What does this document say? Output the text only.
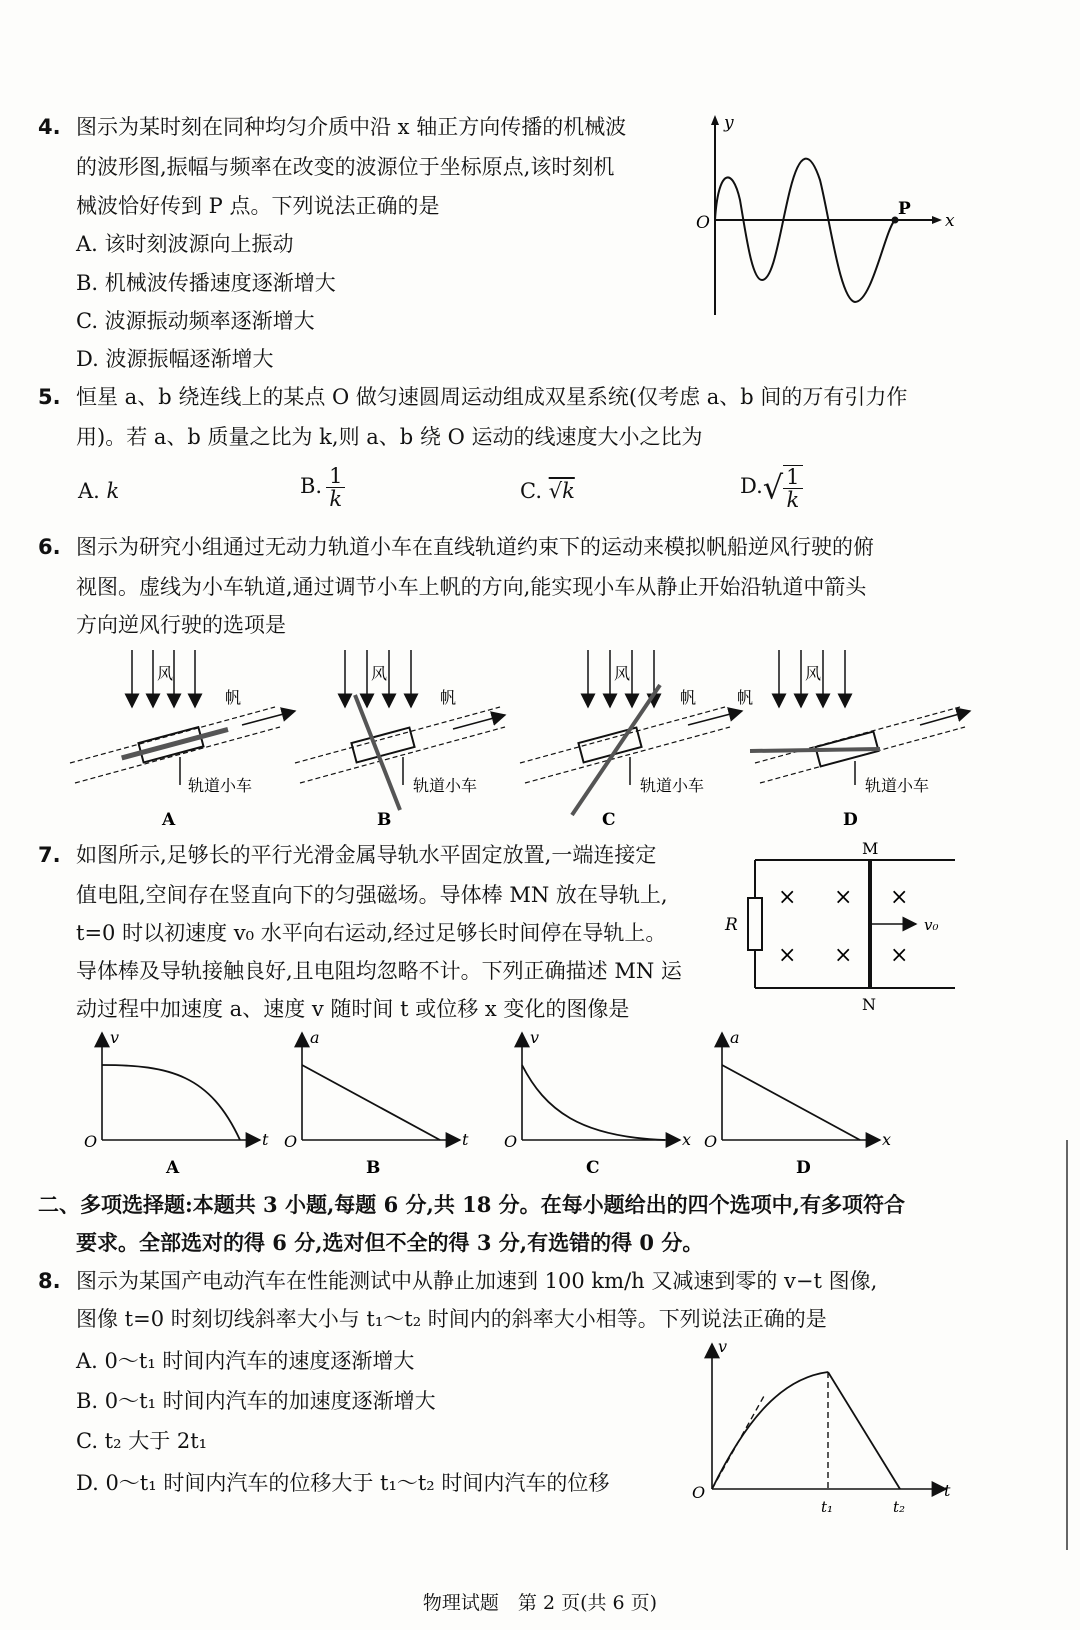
4. 图示为某时刻在同种均匀介质中沿 x 轴正方向传播的机械波
的波形图,振幅与频率在改变的波源位于坐标原点,该时刻机
械波恰好传到 P 点。下列说法正确的是
A. 该时刻波源向上振动
B. 机械波传播速度逐渐增大
C. 波源振动频率逐渐增大
D. 波源振幅逐渐增大
y
x
O
P
5. 恒星 a、b 绕连线上的某点 O 做匀速圆周运动组成双星系统(仅考虑 a、b 间的万有引力作
用)。若 a、b 质量之比为 k,则 a、b 绕 O 运动的线速度大小之比为
A. k	B. $\frac{1}{k}$	C. √k	$D.√ \frac{1}{k}$
6. 图示为研究小组通过无动力轨道小车在直线轨道约束下的运动来模拟帆船逆风行驶的俯
视图。虚线为小车轨道,通过调节小车上帆的方向,能实现小车从静止开始沿轨道中箭头
方向逆风行驶的选项是
风
帆
轨道小车
A
风
帆
轨道小车
B
风
帆
轨道小车
C
风
帆
轨道小车
D
7. 如图所示,足够长的平行光滑金属导轨水平固定放置,一端连接定
值电阻,空间存在竖直向下的匀强磁场。导体棒 MN 放在导轨上,
t=0 时以初速度 v₀ 水平向右运动,经过足够长时间停在导轨上。
导体棒及导轨接触良好,且电阻均忽略不计。下列正确描述 MN 运
动过程中加速度 a、速度 v 随时间 t 或位移 x 变化的图像是
R
M
N
v₀
× × ×
× × ×
v
t
O
A
a
t
O
B
v
x
O
C
a
x
O
D
二、多项选择题:本题共 3 小题,每题 6 分,共 18 分。在每小题给出的四个选项中,有多项符合
要求。全部选对的得 6 分,选对但不全的得 3 分,有选错的得 0 分。
8. 图示为某国产电动汽车在性能测试中从静止加速到 100 km/h 又减速到零的 v−t 图像,
图像 t=0 时刻切线斜率大小与 t₁～t₂ 时间内的斜率大小相等。下列说法正确的是
A. 0～t₁ 时间内汽车的速度逐渐增大
B. 0～t₁ 时间内汽车的加速度逐渐增大
C. t₂ 大于 2t₁
D. 0～t₁ 时间内汽车的位移大于 t₁～t₂ 时间内汽车的位移
v
t
O
t₁	t₂
物理试题　第 2 页(共 6 页)
